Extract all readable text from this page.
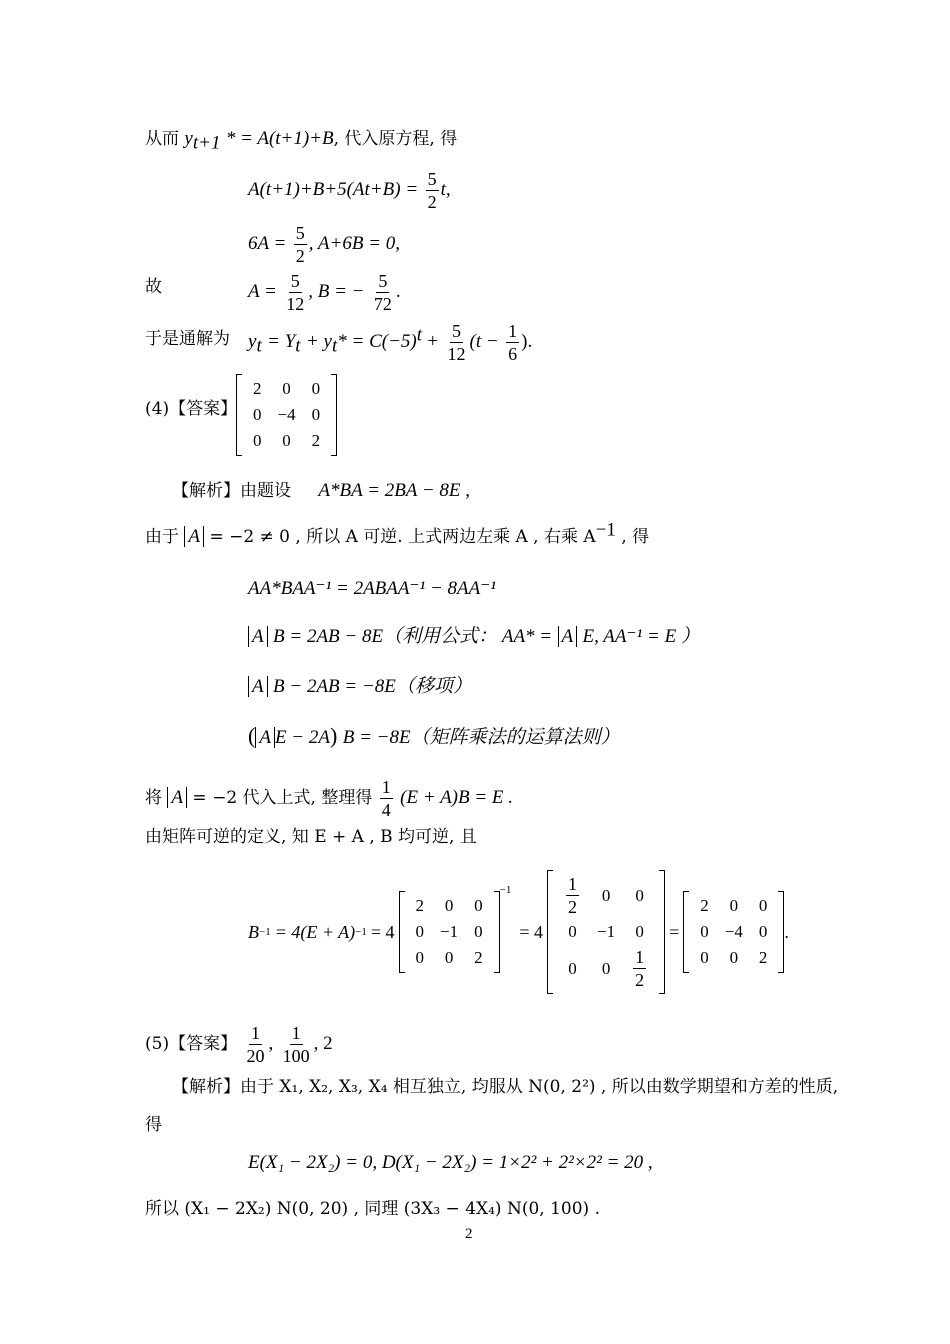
从而 $y_{t+1}$ * = A(t+1)+B, 代入原方程, 得
$A(t+1)+B+5(At+B) = \frac{5}{2} t$,
$6A = \frac{5}{2}$ , A+6B = 0,
故	$A = \frac{5}{12}$ , B = − $\frac{5}{72}$ .
于是通解为 $y_t = Y_t + y_t* = C(-5)^t + \frac{5}{12} (t - \frac{1}{6}$ ).
(4)【答案】
2	0	0
0	−4	0
0	0	2
【解析】由题设 A*BA = 2BA − 8E ,
由于 A = −2 ≠ 0 , 所以 A 可逆. 上式两边左乘 A , 右乘 $A^{-1}$ , 得
AA*BAA⁻¹ = 2ABAA⁻¹ − 8AA⁻¹
A B = 2AB − 8E（利用公式： AA* = A E, AA⁻¹ = E ）
A B − 2AB = −8E（移项）
( A E − 2A) B = −8E（矩阵乘法的运算法则）
将 A = −2 代入上式, 整理得 $\frac{1}{4} (E + A)B = E$ .
由矩阵可逆的定义, 知 E + A , B 均可逆, 且
B −1 = 4(E + A) −1 = 4
2	0	0
0	−1	0
0	0	2
−1
= 4
$\frac{1}{2}$	0	0
0	−1	0
0	0	$\frac{1}{2}$
=
2	0	0
0	−4	0
0	0	2
.
(5)【答案】 $\frac{1}{20}$ , $\frac{1}{100}$ , 2
【解析】由于 X₁, X₂, X₃, X₄ 相互独立, 均服从 N(0, 2²) , 所以由数学期望和方差的性质,
得
E(X₁ − 2X₂) = 0, D(X₁ − 2X₂) = 1×2² + 2²×2² = 20 ,
所以 (X₁ − 2X₂) N(0, 20) , 同理 (3X₃ − 4X₄) N(0, 100) .
2
